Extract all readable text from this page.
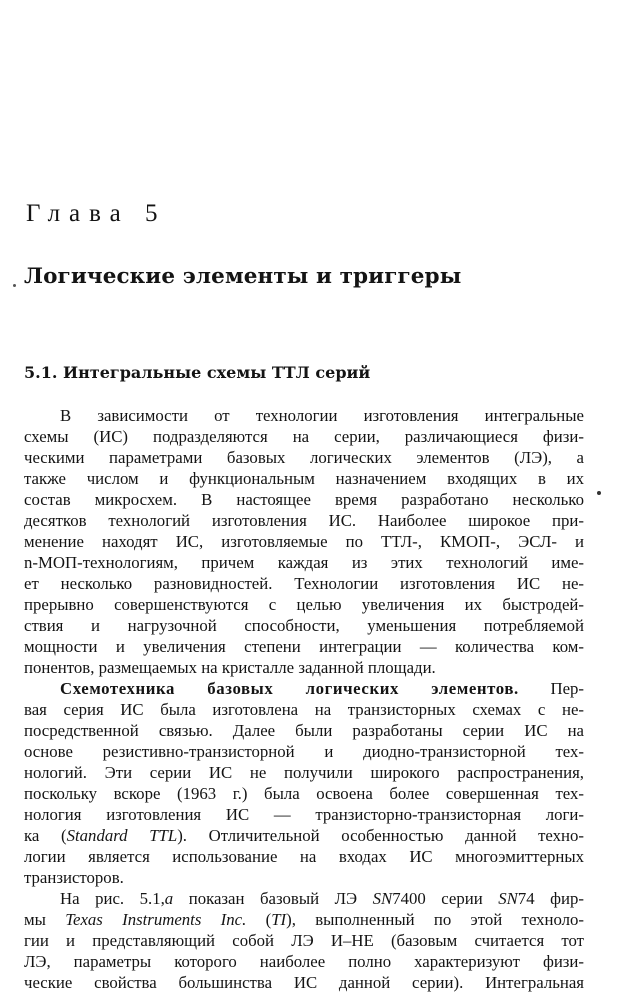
Глава 5
Логические элементы и триггеры
5.1. Интегральные схемы ТТЛ серий
В зависимости от технологии изготовления интегральные
схемы (ИС) подразделяются на серии, различающиеся физи-
ческими параметрами базовых логических элементов (ЛЭ), а
также числом и функциональным назначением входящих в их
состав микросхем. В настоящее время разработано несколько
десятков технологий изготовления ИС. Наиболее широкое при-
менение находят ИС, изготовляемые по ТТЛ-, КМОП-, ЭСЛ- и
n-МОП-технологиям, причем каждая из этих технологий име-
ет несколько разновидностей. Технологии изготовления ИС не-
прерывно совершенствуются с целью увеличения их быстродей-
ствия и нагрузочной способности, уменьшения потребляемой
мощности и увеличения степени интеграции — количества ком-
понентов, размещаемых на кристалле заданной площади.
Схемотехника базовых логических элементов. Пер-
вая серия ИС была изготовлена на транзисторных схемах с не-
посредственной связью. Далее были разработаны серии ИС на
основе резистивно-транзисторной и диодно-транзисторной тех-
нологий. Эти серии ИС не получили широкого распространения,
поскольку вскоре (1963 г.) была освоена более совершенная тех-
нология изготовления ИС — транзисторно-транзисторная логи-
ка (Standard TTL). Отличительной особенностью данной техно-
логии является использование на входах ИС многоэмиттерных
транзисторов.
На рис. 5.1,а показан базовый ЛЭ SN7400 серии SN74 фир-
мы Texas Instruments Inc. (TI), выполненный по этой техноло-
гии и представляющий собой ЛЭ И–НЕ (базовым считается тот
ЛЭ, параметры которого наиболее полно характеризуют физи-
ческие свойства большинства ИС данной серии). Интегральная
